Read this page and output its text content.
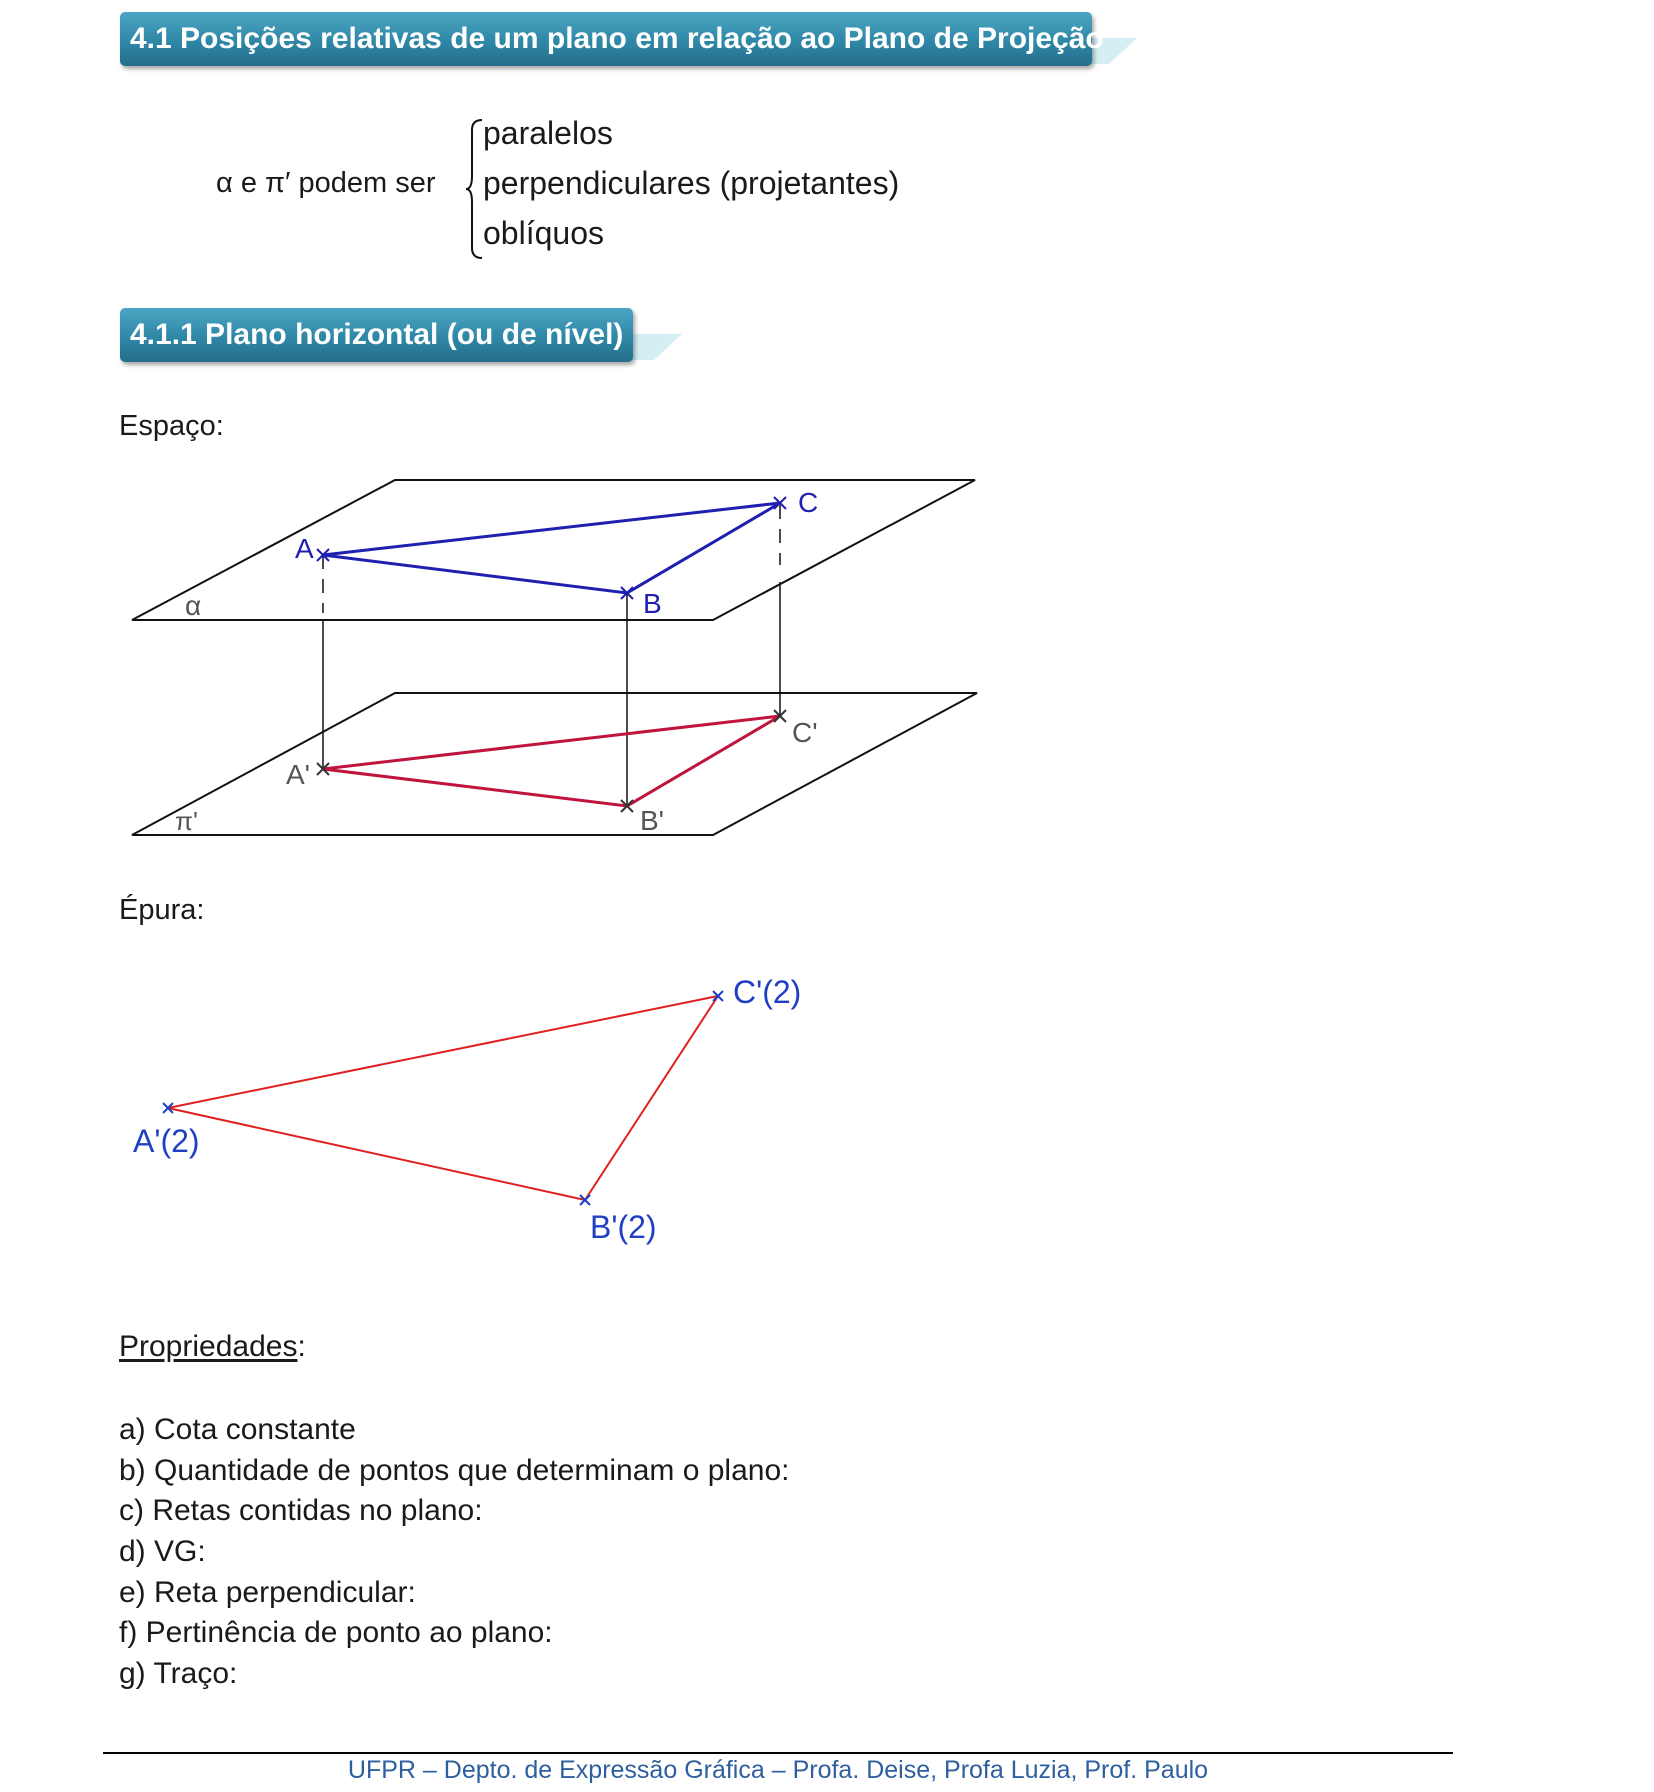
4.1 Posições relativas de um plano em relação ao Plano de Projeção
α e π′ podem ser
paralelos
perpendiculares (projetantes)
oblíquos
4.1.1 Plano horizontal (ou de nível)
Espaço:
α
π'
A
B
C
A'
B'
C'
Épura:
A'(2)
B'(2)
C'(2)
Propriedades:
a) Cota constante
b) Quantidade de pontos que determinam o plano:
c) Retas contidas no plano:
d) VG:
e) Reta perpendicular:
f) Pertinência de ponto ao plano:
g) Traço:
UFPR – Depto. de Expressão Gráfica – Profa. Deise, Profa Luzia, Prof. Paulo
